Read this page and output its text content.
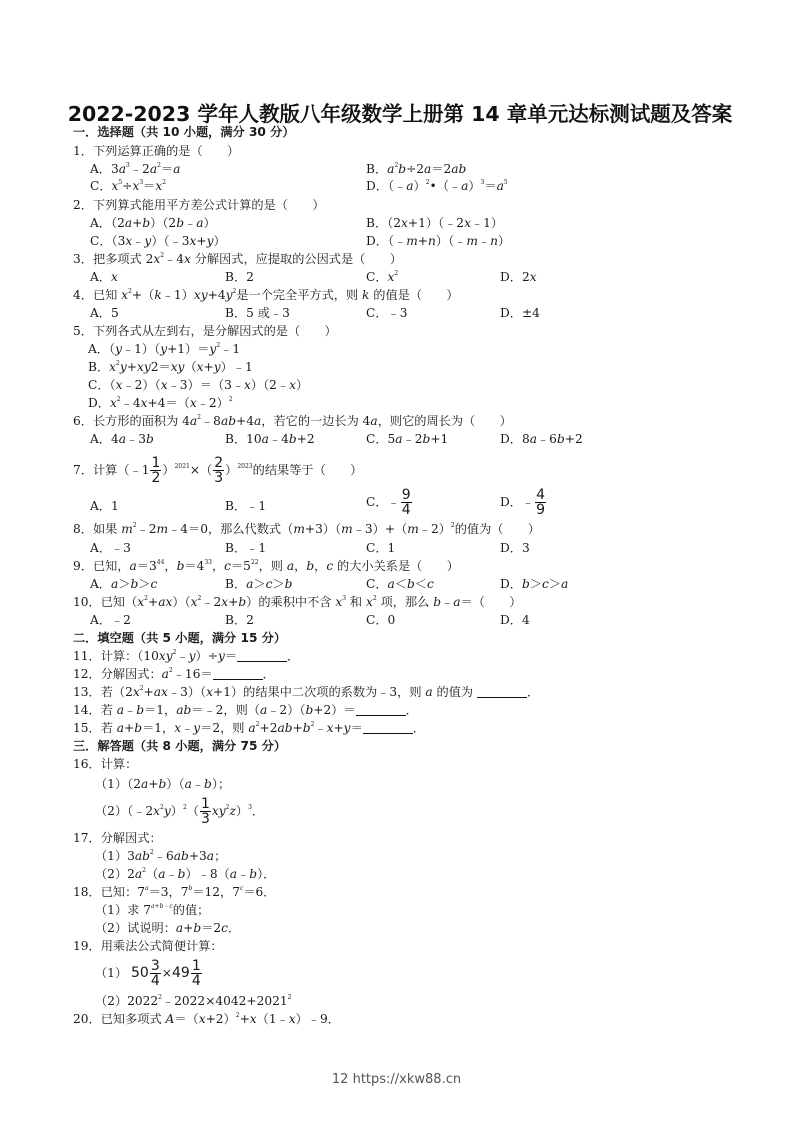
2022-2023 学年人教版八年级数学上册第 14 章单元达标测试题及答案
一．选择题（共 10 小题，满分 30 分）
1．下列运算正确的是（　　）
A．$3a^3﹣2a^2=a$	B．$a^2b\div 2a=2ab$
C．$x^5\div x^3=x^2$	D．$(﹣a)^2•(﹣a)^3=a^5$
2．下列算式能用平方差公式计算的是（　　）
A．（2a+b）（2b﹣a）	B．（2x+1）（﹣2x﹣1）
C．（3x﹣y）（﹣3x+y）	D．（﹣m+n）（﹣m﹣n）
3．把多项式 $2x^2﹣4x$ 分解因式，应提取的公因式是（　　）
A．x	B．2	C．$x^2$	D．2x
4．已知 $x^2+(k﹣1)xy+4y^2$是一个完全平方式，则 k 的值是（　　）
A．5	B．5 或﹣3	C．﹣3	D．±4
5．下列各式从左到右，是分解因式的是（　　）
A．$(y﹣1)(y+1)=y^2﹣1$
B．$x^2y+xy2=xy(x+y)﹣1$
C．（x﹣2）（x﹣3）＝（3﹣x）（2﹣x）
D．$x^2﹣4x+4=(x﹣2)^2$
6．长方形的面积为 $4a^2﹣8ab+4a$，若它的一边长为 4a，则它的周长为（　　）
A．4a﹣3b	B．10a﹣4b+2	C．5a﹣2b+1	D．8a﹣6b+2
7．计算（﹣1 $\frac{1}{2} )^{2021}\times( \frac{2}{3} )^{2023}$的结果等于（　　）
A．1	B．﹣1	C．﹣ $\frac{9}{4}$	D．﹣ $\frac{4}{9}$
8．如果 $m^2﹣2m﹣4=0$，那么代数式（m+3）（m﹣3）+（m﹣2）$^2$的值为（　　）
A．﹣3	B．﹣1	C．1	D．3
9．已知，$a=3^{44}$，$b=4^{33}$，$c=5^{22}$，则 a，b，c 的大小关系是（　　）
A．a＞b＞c	B．a＞c＞b	C．a＜b＜c	D．b＞c＞a
10．已知$(x^2+ax)(x^2﹣2x+b)$的乘积中不含 $x^3$ 和 $x^2$ 项，那么 b﹣a＝（　　）
A．﹣2	B．2	C．0	D．4
二．填空题（共 5 小题，满分 15 分）
11．计算：$(10xy^2﹣y)\div y=$	．
12．分解因式：$a^2﹣16=$	．
13．若$(2x^2+ax﹣3)(x+1)$的结果中二次项的系数为﹣3，则 a 的值为	．
14．若 a﹣b＝1，ab＝﹣2，则（a﹣2）（b+2）＝	．
15．若 a+b＝1，x﹣y＝2，则 $a^2+2ab+b^2﹣x+y=$	．
三．解答题（共 8 小题，满分 75 分）
16．计算：
（1）（2a+b）（a﹣b）；
$(2)(﹣2x^2y)^2( \frac{1}{3} xy^2z)^3$．
17．分解因式：
$(1)3ab^2﹣6ab+3a$；
$(2)2a^2(a﹣b)﹣8(a﹣b)$．
18．已知：$7^a=3$，$7^b=12$，$7^c=6$．
（1）求 $7^{a+b﹣c}$的值；
（2）试说明：a+b＝2c．
19．用乘法公式简便计算：
（1） $50 \frac{3}{4} \times 49 \frac{1}{4}$
$(2)2022^2﹣2022\times 4042+2021^2$
20．已知多项式 $A=(x+2)^2+x(1﹣x)﹣9$．
12 https://xkw88.cn
